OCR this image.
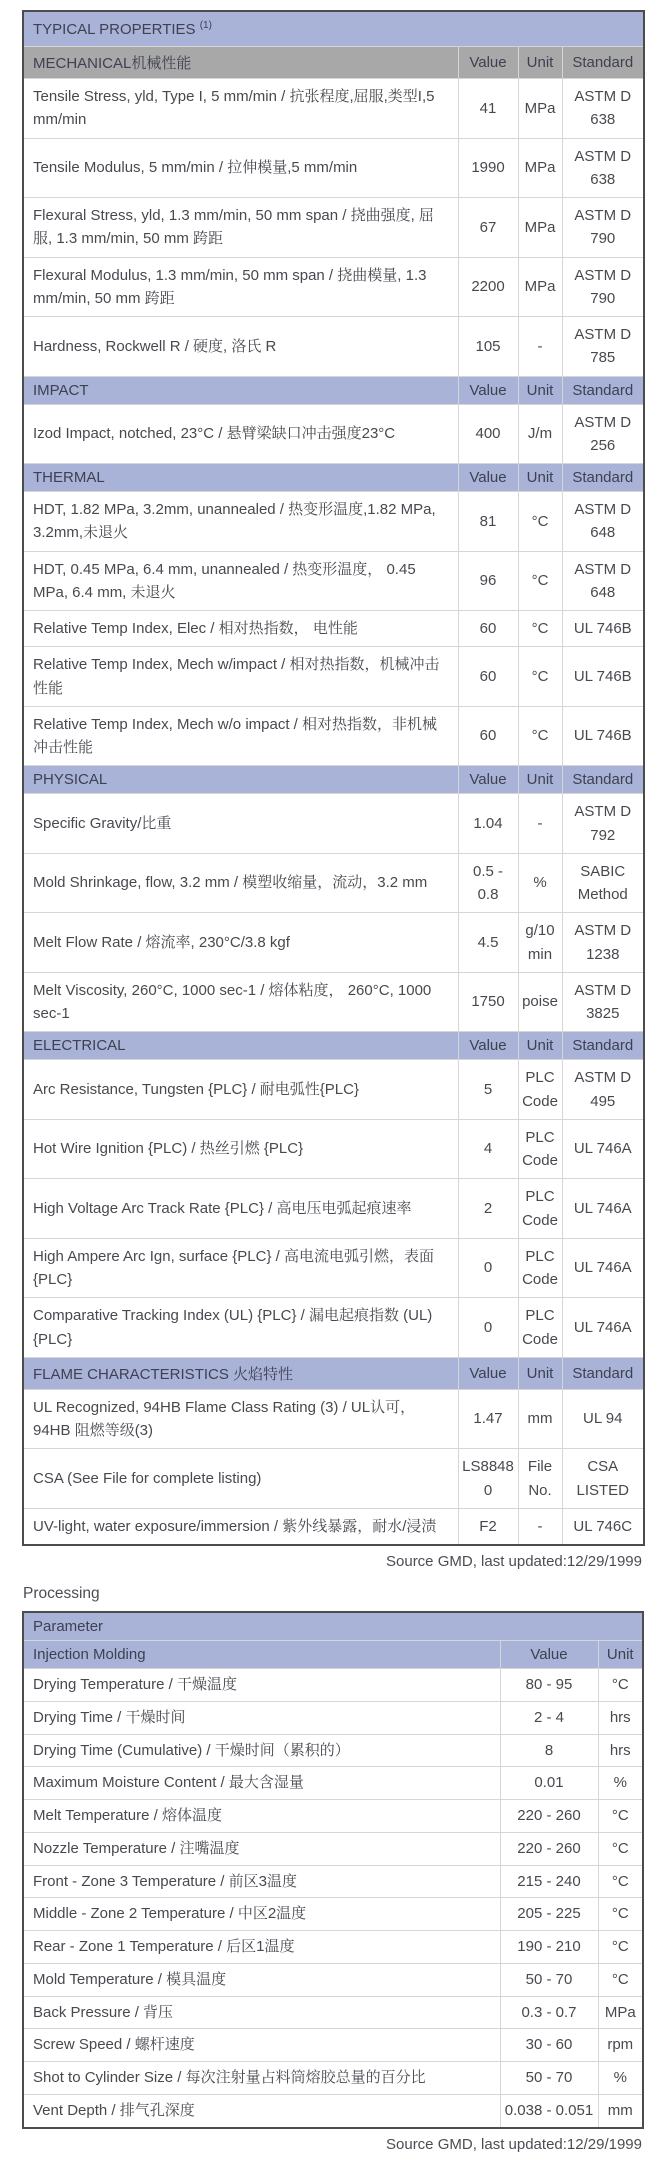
TYPICAL PROPERTIES $^{(1)}$
MECHANICAL机械性能	Value	Unit	Standard
Tensile Stress, yld, Type I, 5 mm/min / 抗张程度,屈服,类型I,5 mm/min	41	MPa	ASTM D 638
Tensile Modulus, 5 mm/min / 拉伸模量,5 mm/min	1990	MPa	ASTM D 638
Flexural Stress, yld, 1.3 mm/min, 50 mm span / 挠曲强度, 屈服, 1.3 mm/min, 50 mm 跨距	67	MPa	ASTM D 790
Flexural Modulus, 1.3 mm/min, 50 mm span / 挠曲模量, 1.3 mm/min, 50 mm 跨距	2200	MPa	ASTM D 790
Hardness, Rockwell R / 硬度, 洛氏 R	105	-	ASTM D 785
IMPACT	Value	Unit	Standard
Izod Impact, notched, 23°C / 悬臂梁缺口冲击强度23°C	400	J/m	ASTM D 256
THERMAL	Value	Unit	Standard
HDT, 1.82 MPa, 3.2mm, unannealed / 热变形温度,1.82 MPa, 3.2mm,未退火	81	°C	ASTM D 648
HDT, 0.45 MPa, 6.4 mm, unannealed / 热变形温度， 0.45 MPa, 6.4 mm, 未退火	96	°C	ASTM D 648
Relative Temp Index, Elec / 相对热指数， 电性能	60	°C	UL 746B
Relative Temp Index, Mech w/impact / 相对热指数，机械冲击性能	60	°C	UL 746B
Relative Temp Index, Mech w/o impact / 相对热指数，非机械冲击性能	60	°C	UL 746B
PHYSICAL	Value	Unit	Standard
Specific Gravity/比重	1.04	-	ASTM D 792
Mold Shrinkage, flow, 3.2 mm / 模塑收缩量，流动，3.2 mm	0.5 - 0.8	%	SABIC Method
Melt Flow Rate / 熔流率, 230°C/3.8 kgf	4.5	g/10 min	ASTM D 1238
Melt Viscosity, 260°C, 1000 sec-1 / 熔体粘度， 260°C, 1000 sec-1	1750	poise	ASTM D 3825
ELECTRICAL	Value	Unit	Standard
Arc Resistance, Tungsten {PLC} / 耐电弧性{PLC}	5	PLC Code	ASTM D 495
Hot Wire Ignition {PLC) / 热丝引燃 {PLC}	4	PLC Code	UL 746A
High Voltage Arc Track Rate {PLC} / 高电压电弧起痕速率	2	PLC Code	UL 746A
High Ampere Arc Ign, surface {PLC} / 高电流电弧引燃，表面 {PLC}	0	PLC Code	UL 746A
Comparative Tracking Index (UL) {PLC} / 漏电起痕指数 (UL) {PLC}	0	PLC Code	UL 746A
FLAME CHARACTERISTICS 火焰特性	Value	Unit	Standard
UL Recognized, 94HB Flame Class Rating (3) / UL认可，94HB 阻燃等级(3)	1.47	mm	UL 94
CSA (See File for complete listing)	LS88480	File No.	CSA LISTED
UV-light, water exposure/immersion / 紫外线暴露，耐水/浸渍	F2	-	UL 746C
Source GMD, last updated:12/29/1999
Processing
Parameter		
Injection Molding	Value	Unit
Drying Temperature / 干燥温度	80 - 95	°C
Drying Time / 干燥时间	2 - 4	hrs
Drying Time (Cumulative) / 干燥时间（累积的）	8	hrs
Maximum Moisture Content / 最大含湿量	0.01	%
Melt Temperature / 熔体温度	220 - 260	°C
Nozzle Temperature / 注嘴温度	220 - 260	°C
Front - Zone 3 Temperature / 前区3温度	215 - 240	°C
Middle - Zone 2 Temperature / 中区2温度	205 - 225	°C
Rear - Zone 1 Temperature / 后区1温度	190 - 210	°C
Mold Temperature / 模具温度	50 - 70	°C
Back Pressure / 背压	0.3 - 0.7	MPa
Screw Speed / 螺杆速度	30 - 60	rpm
Shot to Cylinder Size / 每次注射量占料筒熔胶总量的百分比	50 - 70	%
Vent Depth / 排气孔深度	0.038 - 0.051	mm
Source GMD, last updated:12/29/1999
